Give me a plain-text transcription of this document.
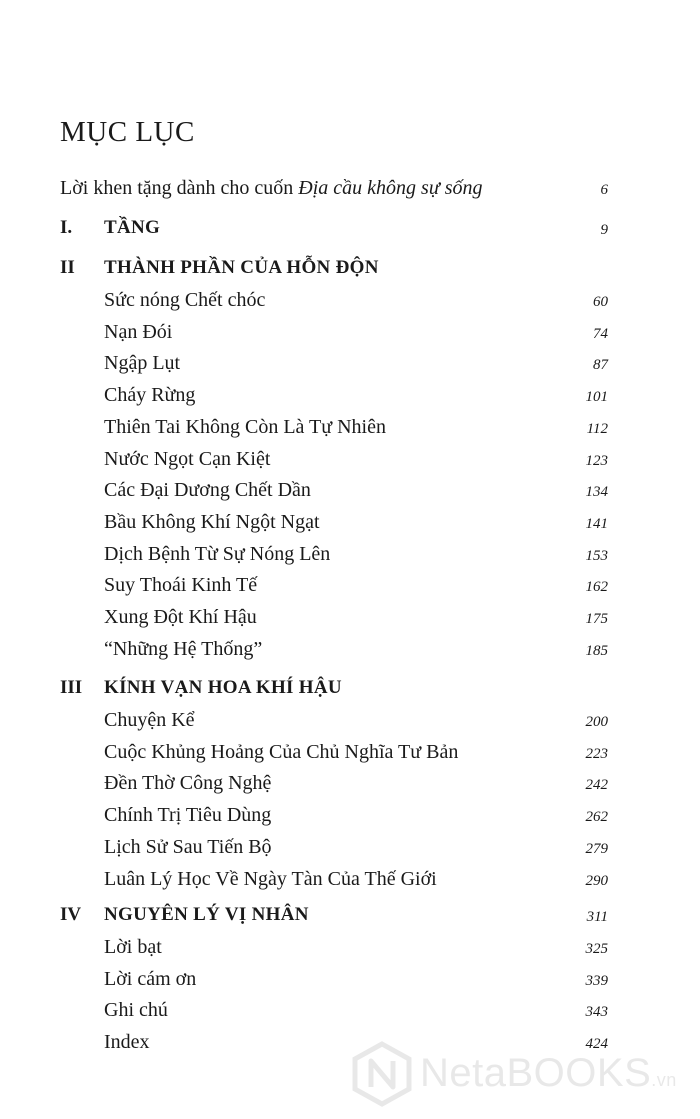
MỤC LỤC
Lời khen tặng dành cho cuốn Địa cầu không sự sống	6
I. TẦNG	9
II THÀNH PHẦN CỦA HỖN ĐỘN
Sức nóng Chết chóc	60
Nạn Đói	74
Ngập Lụt	87
Cháy Rừng	101
Thiên Tai Không Còn Là Tự Nhiên	112
Nước Ngọt Cạn Kiệt	123
Các Đại Dương Chết Dần	134
Bầu Không Khí Ngột Ngạt	141
Dịch Bệnh Từ Sự Nóng Lên	153
Suy Thoái Kinh Tế	162
Xung Đột Khí Hậu	175
“Những Hệ Thống”	185
III KÍNH VẠN HOA KHÍ HẬU
Chuyện Kể	200
Cuộc Khủng Hoảng Của Chủ Nghĩa Tư Bản	223
Đền Thờ Công Nghệ	242
Chính Trị Tiêu Dùng	262
Lịch Sử Sau Tiến Bộ	279
Luân Lý Học Về Ngày Tàn Của Thế Giới	290
IV NGUYÊN LÝ VỊ NHÂN	311
Lời bạt	325
Lời cám ơn	339
Ghi chú	343
Index	424
NetaBOOKS.vn
